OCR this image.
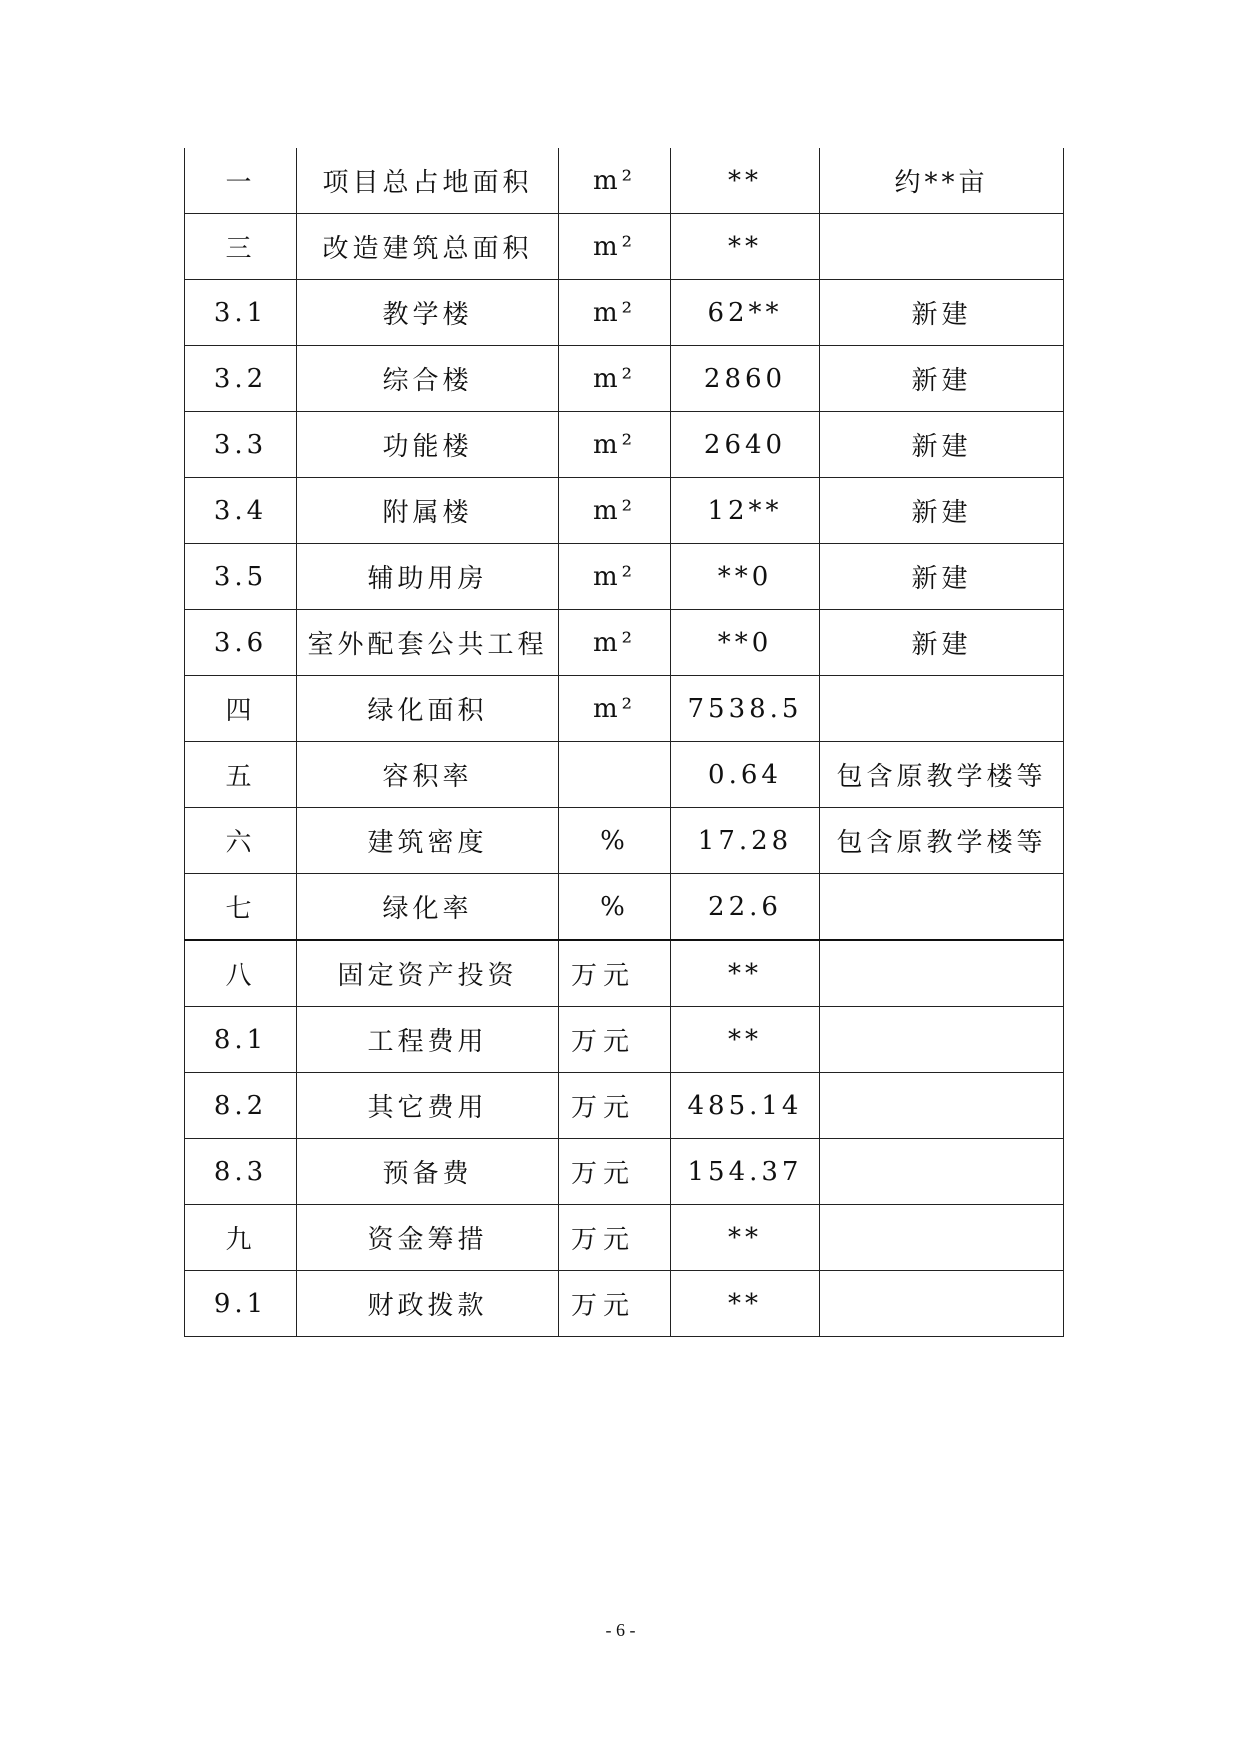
一	项目总占地面积	m²	**	约**亩
三	改造建筑总面积	m²	**	
3.1	教学楼	m²	62**	新建
3.2	综合楼	m²	2860	新建
3.3	功能楼	m²	2640	新建
3.4	附属楼	m²	12**	新建
3.5	辅助用房	m²	**0	新建
3.6	室外配套公共工程	m²	**0	新建
四	绿化面积	m²	7538.5	
五	容积率		0.64	包含原教学楼等
六	建筑密度	%	17.28	包含原教学楼等
七	绿化率	%	22.6	
八	固定资产投资	万元	**	
8.1	工程费用	万元	**	
8.2	其它费用	万元	485.14	
8.3	预备费	万元	154.37	
九	资金筹措	万元	**	
9.1	财政拨款	万元	**	
- 6 -
